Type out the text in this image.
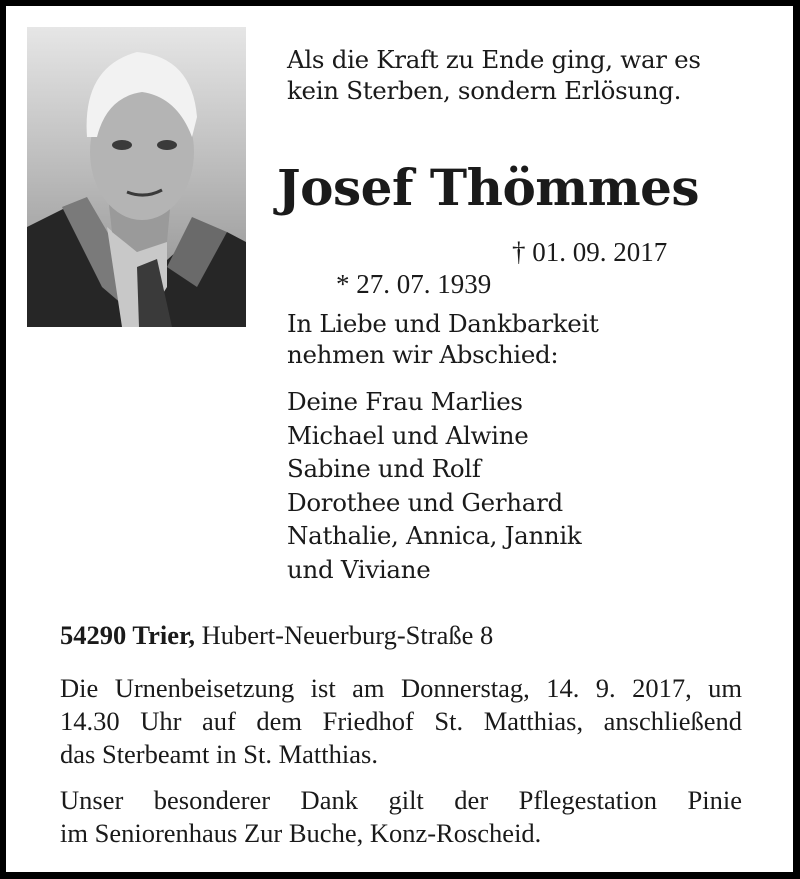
Als die Kraft zu Ende ging, war es
kein Sterben, sondern Erlösung.
Josef Thömmes

* 27. 07. 1939

† 01. 09. 2017

In Liebe und Dankbarkeit
nehmen wir Abschied:
Deine Frau Marlies
Michael und Alwine
Sabine und Rolf
Dorothee und Gerhard
Nathalie, Annica, Jannik
und Viviane
54290 Trier, Hubert-Neuerburg-Straße 8
Die Urnenbeisetzung ist am Donnerstag, 14. 9. 2017, um
14.30 Uhr auf dem Friedhof St. Matthias, anschließend
das Sterbeamt in St. Matthias.
Unser besonderer Dank gilt der Pflegestation Pinie
im Seniorenhaus Zur Buche, Konz-Roscheid.
